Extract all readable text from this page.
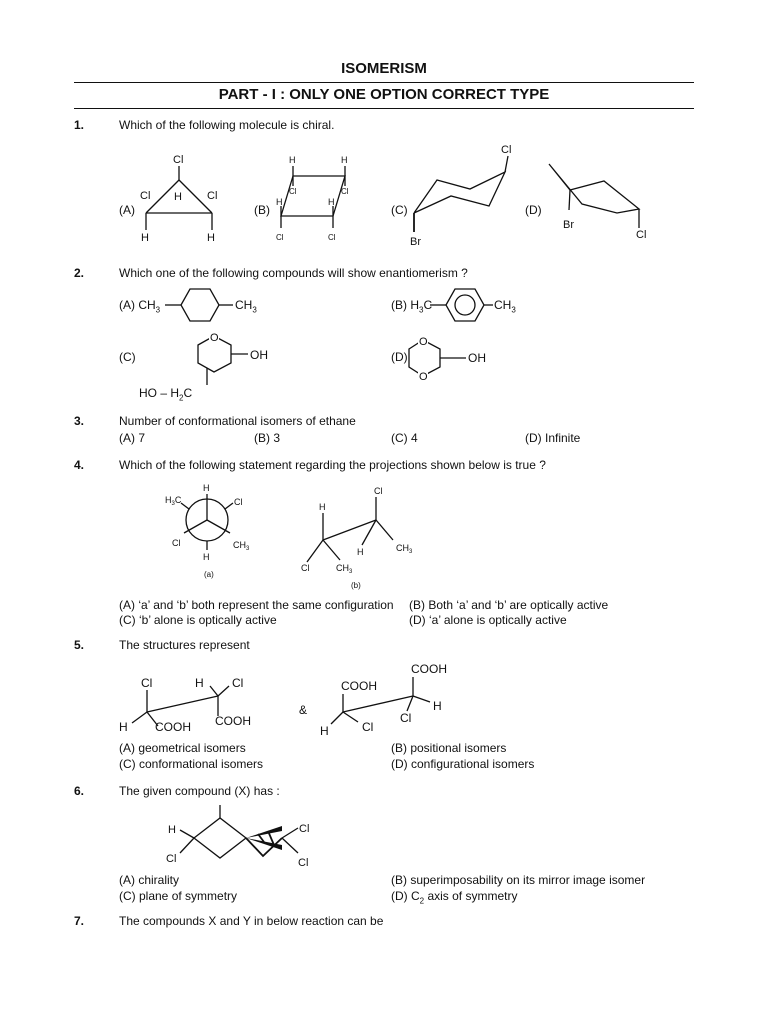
ISOMERISM
PART - I : ONLY ONE OPTION CORRECT TYPE
1.	Which of the following molecule is chiral.
(A)	(B)	(C)	(D)
Cl
H
Cl	Cl
H	H
H	H
Cl	Cl
H	H
Cl	Cl
Cl
Br
Br
Cl
2.	Which one of the following compounds will show enantiomerism ?
(A) $CH_3$	$CH_3$	(B) $H_3C$	$CH_3$
(C)	(D)
HO – $H_2C$
O
OH
O
O
OH
3.	Number of conformational isomers of ethane
(A) 7	(B) 3	(C) 4	(D) Infinite
4.	Which of the following statement regarding the projections shown below is true ?
H
H
Cl
Cl
$H_3C$
$CH_3$
(a)
Cl
H
H	$CH_3$
Cl	$CH_3$
(b)
(A) ‘a’ and ‘b’ both represent the same configuration (B) Both ‘a’ and ‘b’ are optically active
(C) ‘b’ alone is optically active	(D) ‘a’ alone is optically active
5.	The structures represent
Cl	H Cl
H COOH COOH
&
COOH
COOH
H
Cl
H	Cl
(A) geometrical isomers	(B) positional isomers
(C) conformational isomers	(D) configurational isomers
6.	The given compound (X) has :
H
Cl
Cl
Cl
(A) chirality	(B) superimposability on its mirror image isomer
(C) plane of symmetry	(D) $C_2$ axis of symmetry
7.	The compounds X and Y in below reaction can be
